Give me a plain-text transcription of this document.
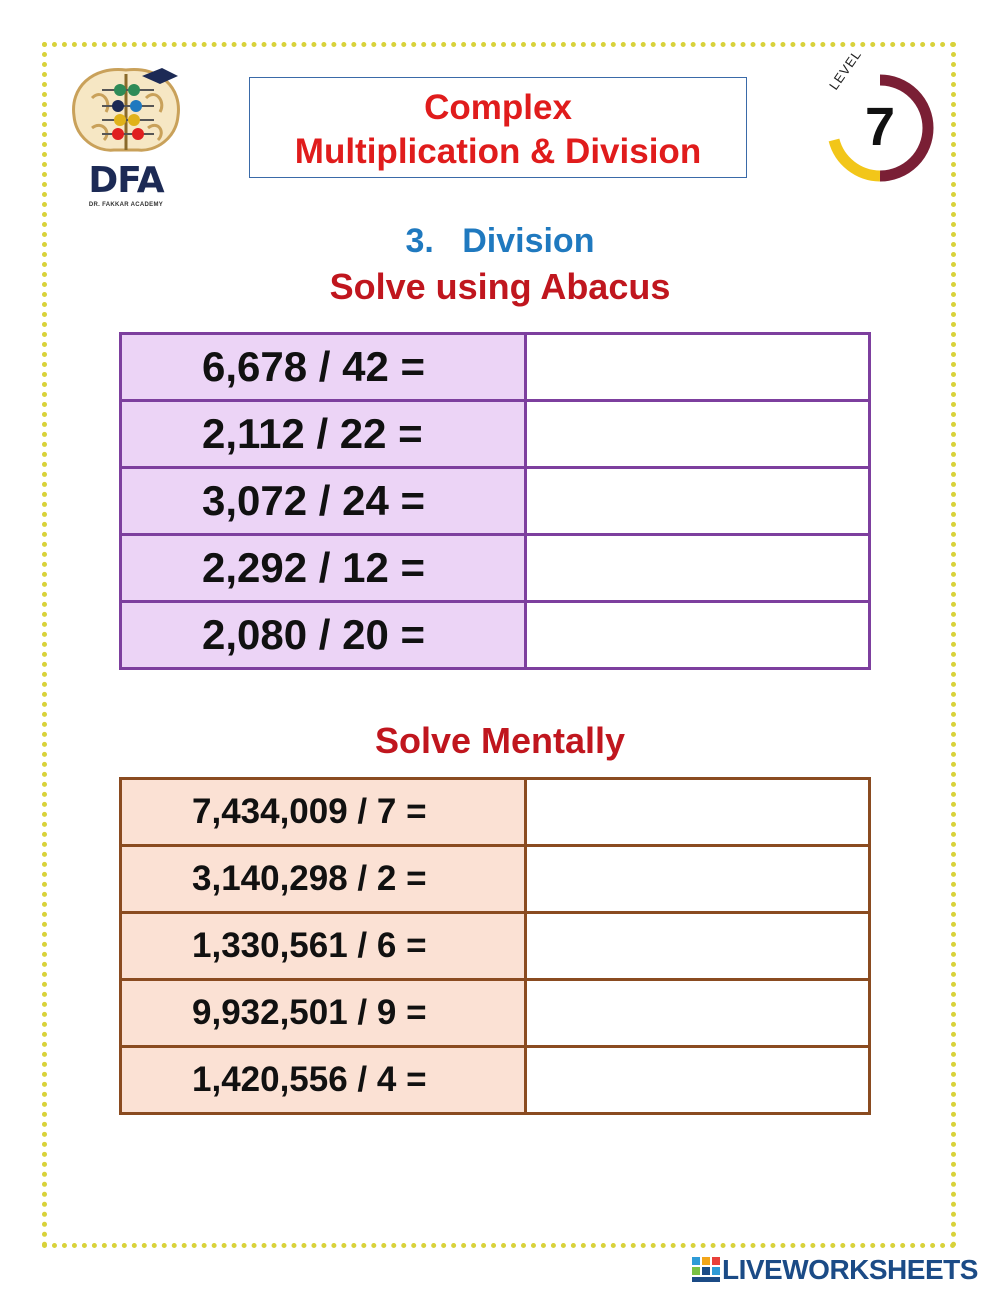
DFA
DR. FAKKAR ACADEMY
Complex
Multiplication & Division
LEVEL
7
3.   Division
Solve using Abacus
6,678 / 42 =	

2,112 / 22 =	

3,072 / 24 =	

2,292 / 12 =	

2,080 / 20 =	

Solve Mentally
7,434,009 / 7 =	

3,140,298 / 2 =	

1,330,561 / 6 =	

9,932,501 / 9 =	

1,420,556 / 4 =	

LIVEWORKSHEETS
